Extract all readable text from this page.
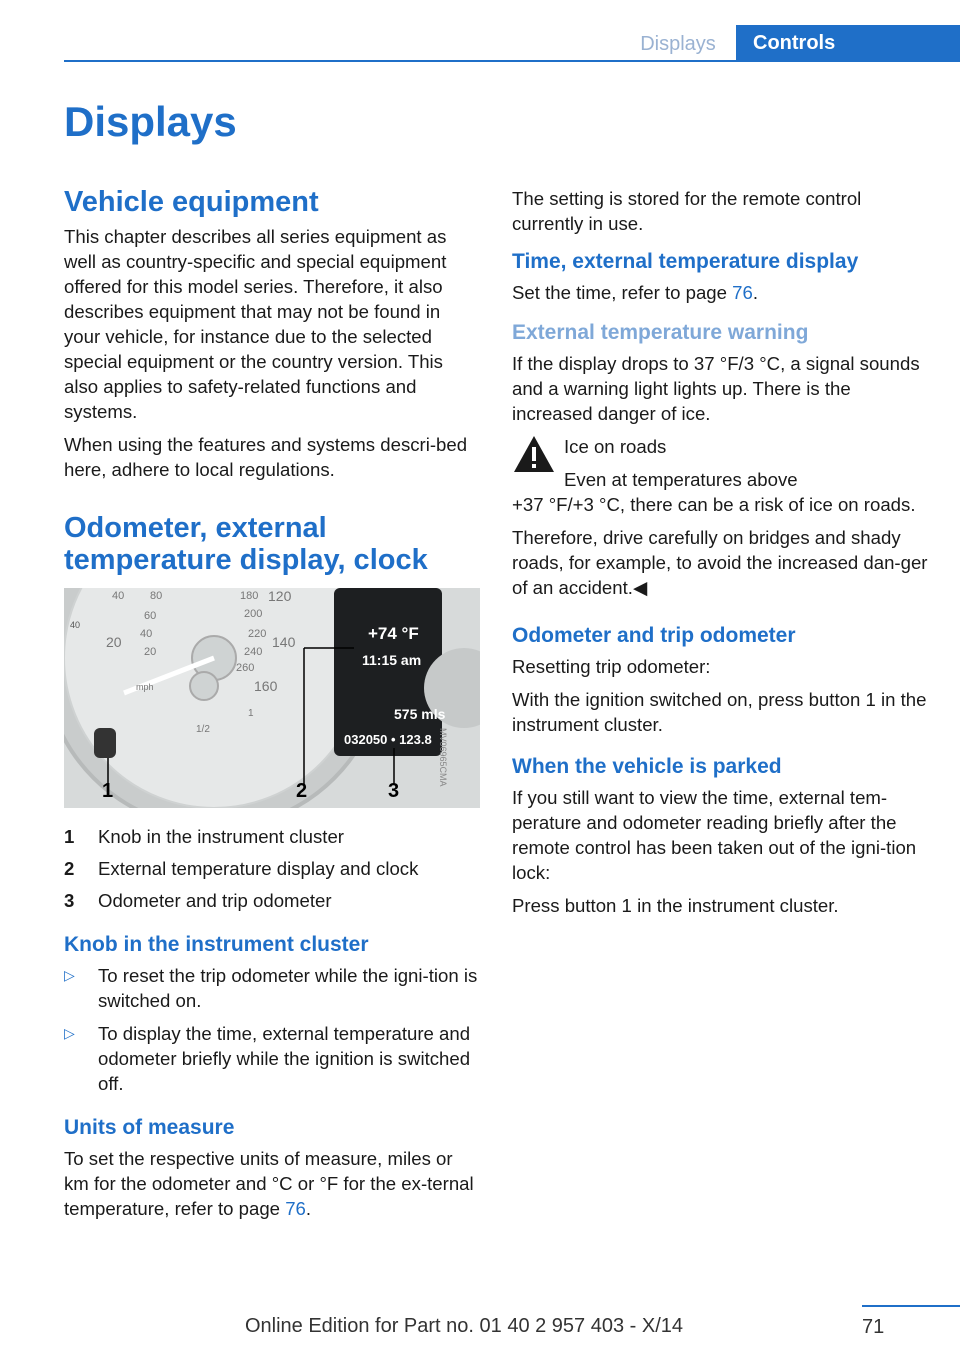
Displays	Controls
Displays
Vehicle equipment

This chapter describes all series equipment as well as country-specific and special equipment offered for this model series. Therefore, it also describes equipment that may not be found in your vehicle, for instance due to the selected special equipment or the country version. This also applies to safety-related functions and systems.

When using the features and systems descri‐bed here, adhere to local regulations.

Odometer, external temperature display, clock
40
40
60
80
20 40
20
180
200
120
220 140
240
260
160
mph
1/2
1
+74 °F
11:15 am
575 mls
032050 • 123.8 MV06965CMA
1	2	3
1	Knob in the instrument cluster
2	External temperature display and clock
3	Odometer and trip odometer
Knob in the instrument cluster
▷	To reset the trip odometer while the igni‐tion is switched on.
▷	To display the time, external temperature and odometer briefly while the ignition is switched off.
Units of measure

To set the respective units of measure, miles or km for the odometer and °C or °F for the ex‐ternal temperature, refer to page 76.

The setting is stored for the remote control currently in use.

Time, external temperature display

Set the time, refer to page 76.

External temperature warning

If the display drops to 37 °F/3 °C, a signal sounds and a warning light lights up. There is the increased danger of ice.

Ice on roads
Even at temperatures above

+37 °F/+3 °C, there can be a risk of ice on roads.

Therefore, drive carefully on bridges and shady roads, for example, to avoid the increased dan‐ger of an accident.◀

Odometer and trip odometer

Resetting trip odometer:

With the ignition switched on, press button 1 in the instrument cluster.

When the vehicle is parked

If you still want to view the time, external tem‐perature and odometer reading briefly after the remote control has been taken out of the igni‐tion lock:

Press button 1 in the instrument cluster.

71
Online Edition for Part no. 01 40 2 957 403 - X/14
